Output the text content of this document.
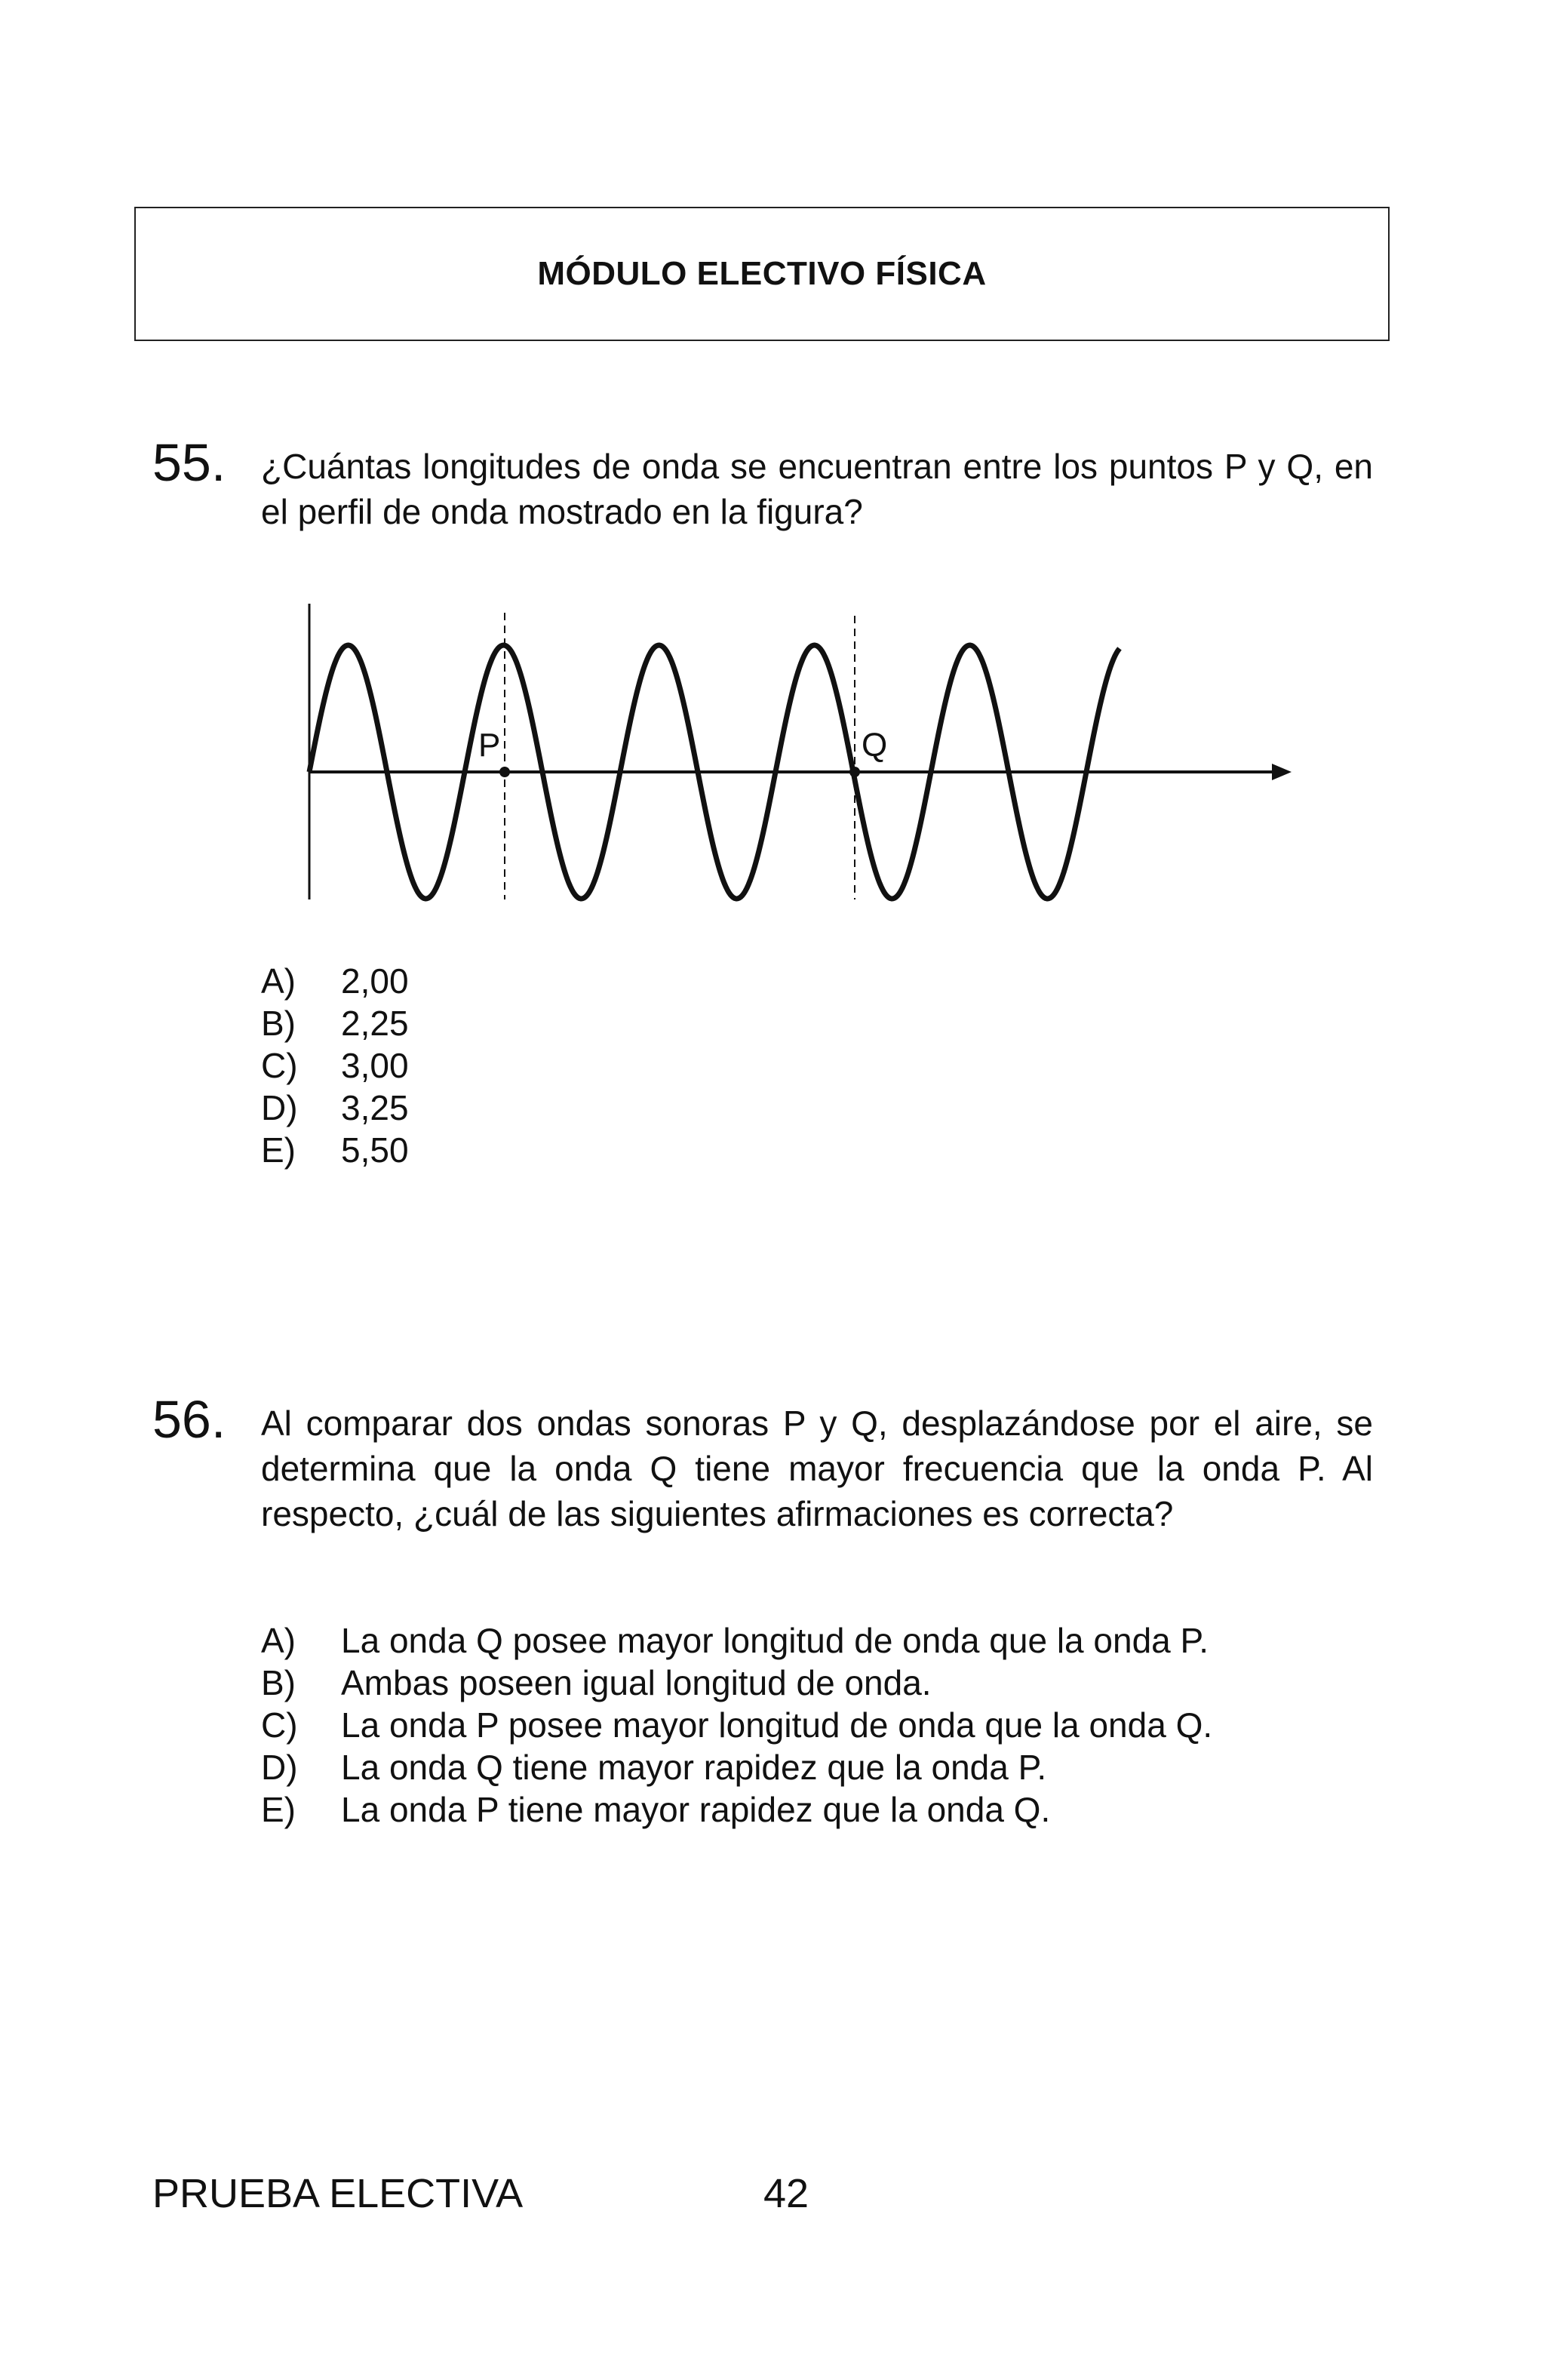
MÓDULO ELECTIVO FÍSICA
55. ¿Cuántas longitudes de onda se encuentran entre los puntos P y Q, en el perfil de onda mostrado en la figura?
P	Q
A)	2,00
B)	2,25
C)	3,00
D)	3,25
E)	5,50
56. Al comparar dos ondas sonoras P y Q, desplazándose por el aire, se determina que la onda Q tiene mayor frecuencia que la onda P. Al respecto, ¿cuál de las siguientes afirmaciones es correcta?
A)	La onda Q posee mayor longitud de onda que la onda P.
B)	Ambas poseen igual longitud de onda.
C)	La onda P posee mayor longitud de onda que la onda Q.
D)	La onda Q tiene mayor rapidez que la onda P.
E)	La onda P tiene mayor rapidez que la onda Q.
PRUEBA ELECTIVA	42
